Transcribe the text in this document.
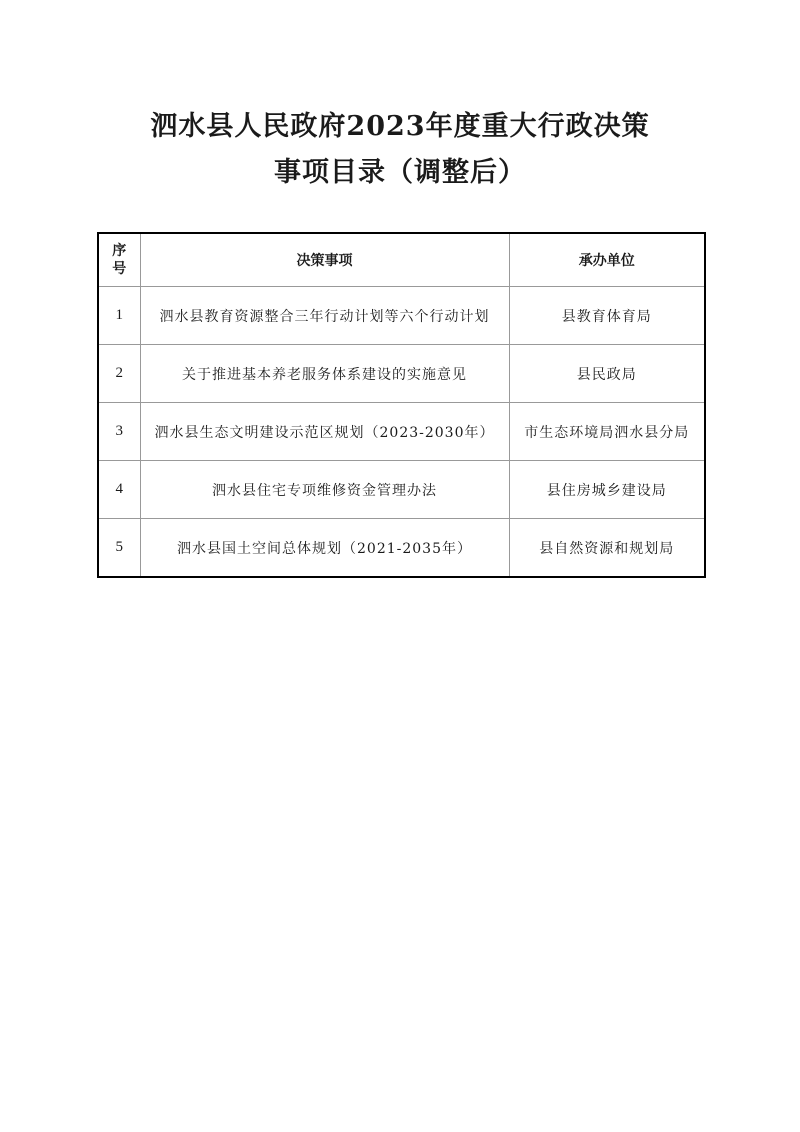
泗水县人民政府2023年度重大行政决策
事项目录（调整后）
序
号	决策事项	承办单位
1	泗水县教育资源整合三年行动计划等六个行动计划	县教育体育局
2	关于推进基本养老服务体系建设的实施意见	县民政局
3	泗水县生态文明建设示范区规划（2023-2030年）	市生态环境局泗水县分局
4	泗水县住宅专项维修资金管理办法	县住房城乡建设局
5	泗水县国土空间总体规划（2021-2035年）	县自然资源和规划局
